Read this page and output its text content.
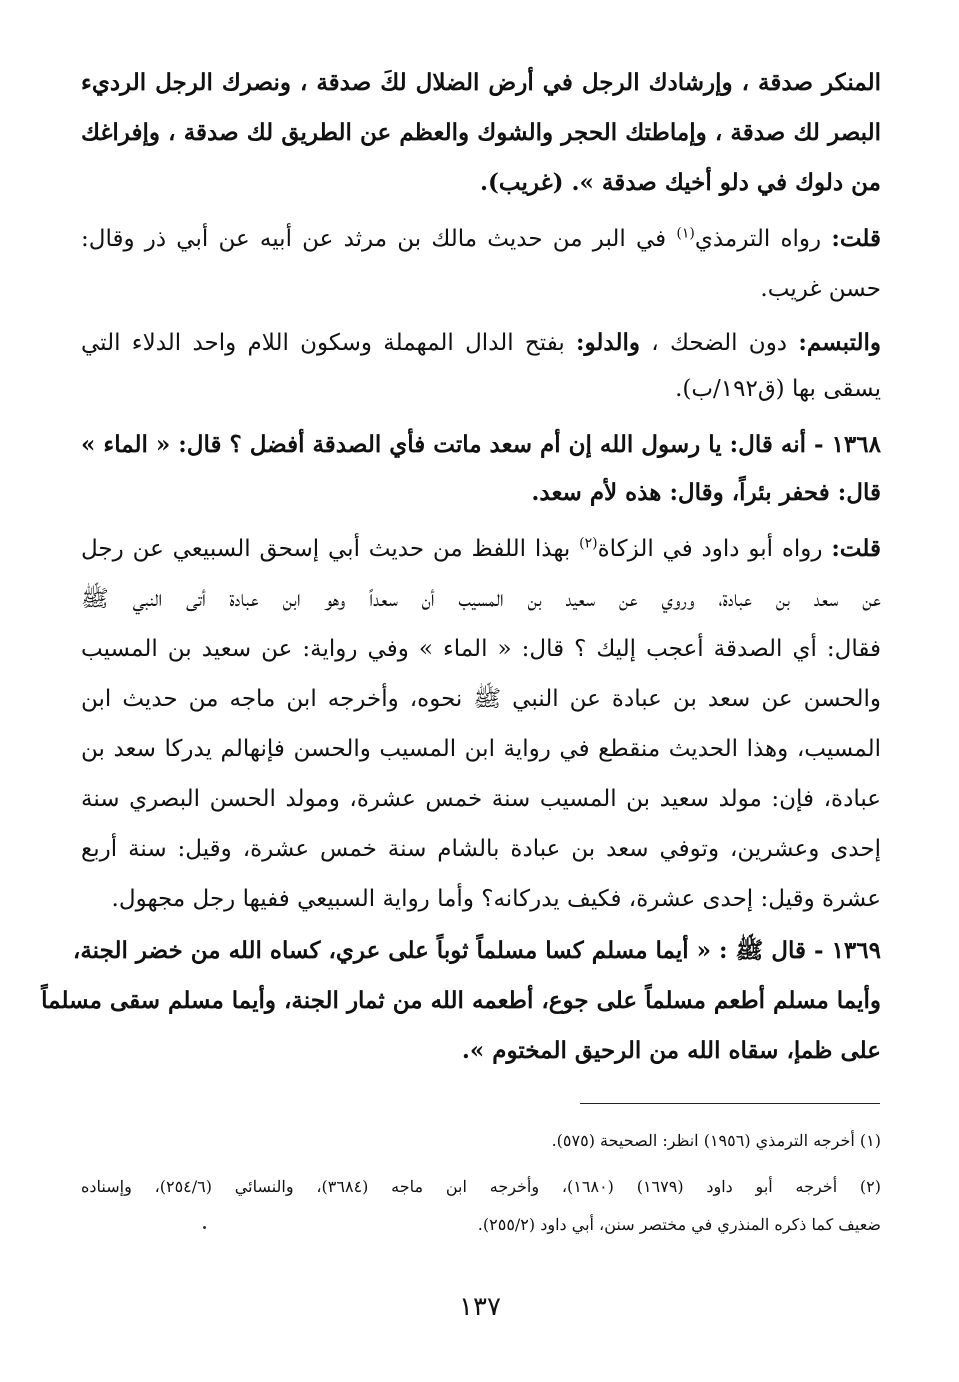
المنكر صدقة ، وإرشادك الرجل في أرض الضلال لكَ صدقة ، ونصرك الرجل الرديء
البصر لك صدقة ، وإماطتك الحجر والشوك والعظم عن الطريق لك صدقة ، وإفراغك
من دلوك في دلو أخيك صدقة ». (غريب).
قلت: رواه الترمذي$^{(١)}$ في البر من حديث مالك بن مرثد عن أبيه عن أبي ذر وقال:
حسن غريب.
والتبسم: دون الضحك ، والدلو: بفتح الدال المهملة وسكون اللام واحد الدلاء التي
يسقى بها (ق١٩٢/ب).
١٣٦٨ - أنه قال: يا رسول الله إن أم سعد ماتت فأي الصدقة أفضل ؟ قال: « الماء »
قال: فحفر بئراً، وقال: هذه لأم سعد.
قلت: رواه أبو داود في الزكاة$^{(٢)}$ بهذا اللفظ من حديث أبي إسحق السبيعي عن رجل
عن سعد بن عبادة، وروي عن سعيد بن المسيب أن سعداً وهو ابن عبادة أتى النبي ﷺ
فقال: أي الصدقة أعجب إليك ؟ قال: « الماء » وفي رواية: عن سعيد بن المسيب
والحسن عن سعد بن عبادة عن النبي ﷺ نحوه، وأخرجه ابن ماجه من حديث ابن
المسيب، وهذا الحديث منقطع في رواية ابن المسيب والحسن فإنهالم يدركا سعد بن
عبادة، فإن: مولد سعيد بن المسيب سنة خمس عشرة، ومولد الحسن البصري سنة
إحدى وعشرين، وتوفي سعد بن عبادة بالشام سنة خمس عشرة، وقيل: سنة أربع
عشرة وقيل: إحدى عشرة، فكيف يدركانه؟ وأما رواية السبيعي ففيها رجل مجهول.
١٣٦٩ - قال ﷺ : « أيما مسلم كسا مسلماً ثوباً على عري، كساه الله من خضر الجنة،
وأيما مسلم أطعم مسلماً على جوع، أطعمه الله من ثمار الجنة، وأيما مسلم سقى مسلماً
على ظمإ، سقاه الله من الرحيق المختوم ».
(١) أخرجه الترمذي (١٩٥٦) انظر: الصحيحة (٥٧٥).
(٢) أخرجه أبو داود (١٦٧٩) (١٦٨٠)، وأخرجه ابن ماجه (٣٦٨٤)، والنسائي (٢٥٤/٦)، وإسناده
ضعيف كما ذكره المنذري في مختصر سنن، أبي داود (٢٥٥/٢).
١٣٧
